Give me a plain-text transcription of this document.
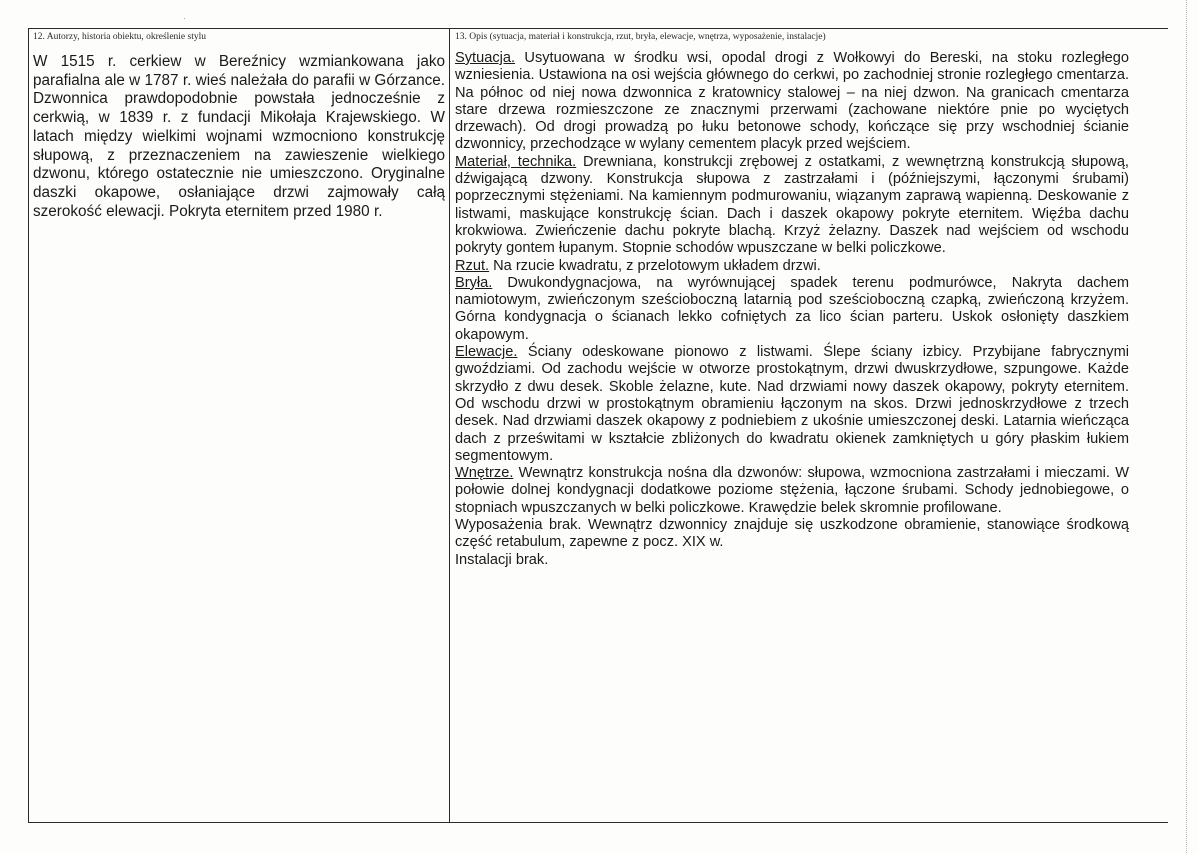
·
12. Autorzy, historia obiektu, określenie stylu

W 1515 r. cerkiew w Bereźnicy wzmiankowana jako parafialna ale w 1787 r. wieś należała do parafii w Górzance. Dzwonnica prawdopodobnie powstała jednocześnie z cerkwią, w 1839 r. z fundacji Mikołaja Krajewskiego. W latach między wielkimi wojnami wzmocniono konstrukcję słupową, z przeznaczeniem na zawieszenie wielkiego dzwonu, którego ostatecznie nie umieszczono. Oryginalne daszki okapowe, osłaniające drzwi zajmowały całą szerokość elewacji. Pokryta eternitem przed 1980 r.

13. Opis (sytuacja, materiał i konstrukcja, rzut, bryła, elewacje, wnętrza, wyposażenie, instalacje)

Sytuacja. Usytuowana w środku wsi, opodal drogi z Wołkowyi do Bereski, na stoku rozległego wzniesienia. Ustawiona na osi wejścia głównego do cerkwi, po zachodniej stronie rozległego cmentarza. Na północ od niej nowa dzwonnica z kratownicy stalowej – na niej dzwon. Na granicach cmentarza stare drzewa rozmieszczone ze znacznymi przerwami (zachowane niektóre pnie po wyciętych drzewach). Od drogi prowadzą po łuku betonowe schody, kończące się przy wschodniej ścianie dzwonnicy, przechodzące w wylany cementem placyk przed wejściem.

Materiał, technika. Drewniana, konstrukcji zrębowej z ostatkami, z wewnętrzną konstrukcją słupową, dźwigającą dzwony. Konstrukcja słupowa z zastrzałami i (późniejszymi, łączonymi śrubami) poprzecznymi stężeniami. Na kamiennym podmurowaniu, wiązanym zaprawą wapienną. Deskowanie z listwami, maskujące konstrukcję ścian. Dach i daszek okapowy pokryte eternitem. Więźba dachu krokwiowa. Zwieńczenie dachu pokryte blachą. Krzyż żelazny. Daszek nad wejściem od wschodu pokryty gontem łupanym. Stopnie schodów wpuszczane w belki policzkowe.

Rzut. Na rzucie kwadratu, z przelotowym układem drzwi.

Bryła. Dwukondygnacjowa, na wyrównującej spadek terenu podmurówce, Nakryta dachem namiotowym, zwieńczonym sześcioboczną latarnią pod sześcioboczną czapką, zwieńczoną krzyżem. Górna kondygnacja o ścianach lekko cofniętych za lico ścian parteru. Uskok osłonięty daszkiem okapowym.

Elewacje. Ściany odeskowane pionowo z listwami. Ślepe ściany izbicy. Przybijane fabrycznymi gwoździami. Od zachodu wejście w otworze prostokątnym, drzwi dwuskrzydłowe, szpungowe. Każde skrzydło z dwu desek. Skoble żelazne, kute. Nad drzwiami nowy daszek okapowy, pokryty eternitem. Od wschodu drzwi w prostokątnym obramieniu łączonym na skos. Drzwi jednoskrzydłowe z trzech desek. Nad drzwiami daszek okapowy z podniebiem z ukośnie umieszczonej deski. Latarnia wieńcząca dach z prześwitami w kształcie zbliżonych do kwadratu okienek zamkniętych u góry płaskim łukiem segmentowym.

Wnętrze. Wewnątrz konstrukcja nośna dla dzwonów: słupowa, wzmocniona zastrzałami i mieczami. W połowie dolnej kondygnacji dodatkowe poziome stężenia, łączone śrubami. Schody jednobiegowe, o stopniach wpuszczanych w belki policzkowe. Krawędzie belek skromnie profilowane.

Wyposażenia brak. Wewnątrz dzwonnicy znajduje się uszkodzone obramienie, stanowiące środkową część retabulum, zapewne z pocz. XIX w.

Instalacji brak.
